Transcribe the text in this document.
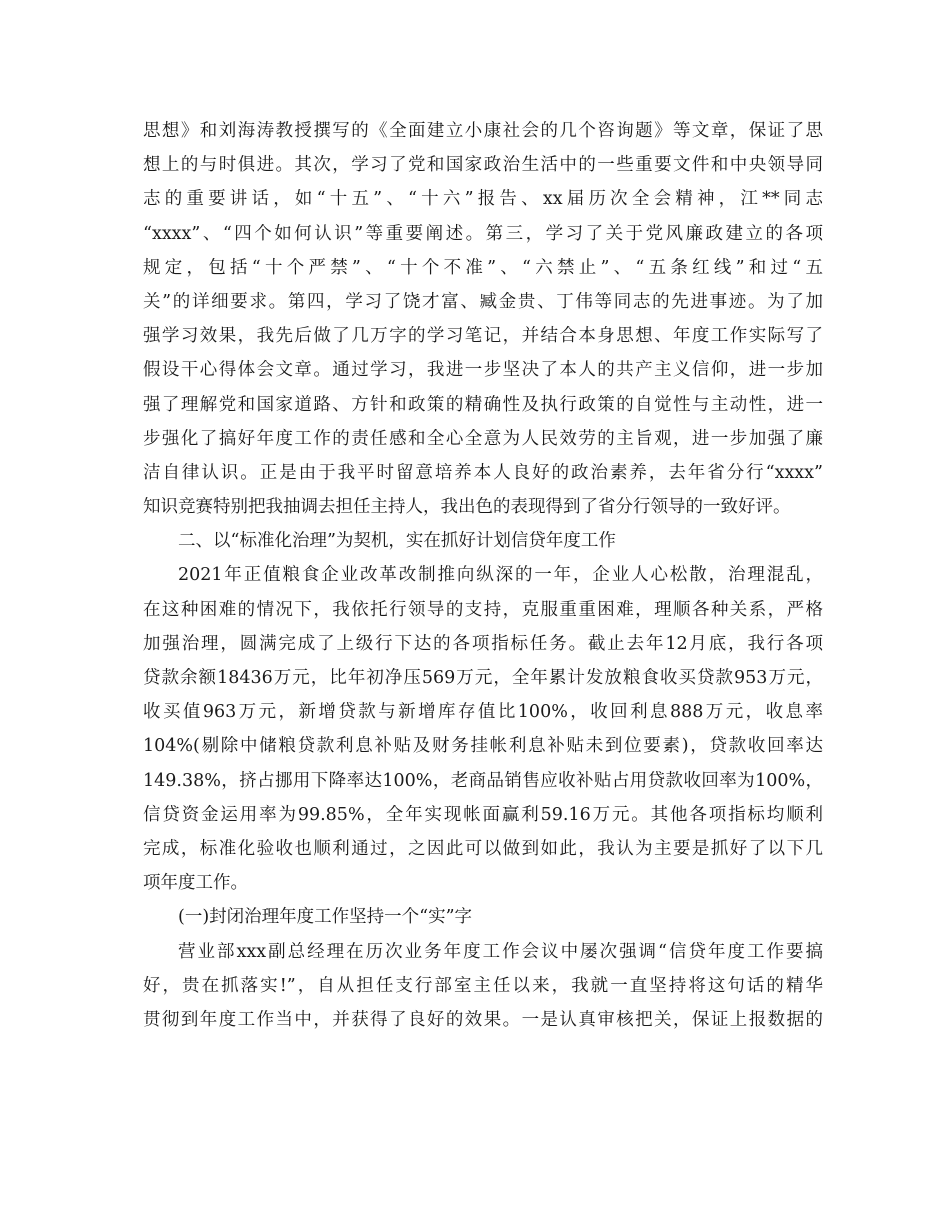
思想》和刘海涛教授撰写的《全面建立小康社会的几个咨询题》等文章，保证了思
想上的与时俱进。其次，学习了党和国家政治生活中的一些重要文件和中央领导同
志的重要讲话，如“十五”、“十六”报告、xx届历次全会精神，江**同志
“xxxx”、“四个如何认识”等重要阐述。第三，学习了关于党风廉政建立的各项
规定，包括“十个严禁”、“十个不准”、“六禁止”、“五条红线”和过“五
关”的详细要求。第四，学习了饶才富、臧金贵、丁伟等同志的先进事迹。为了加
强学习效果，我先后做了几万字的学习笔记，并结合本身思想、年度工作实际写了
假设干心得体会文章。通过学习，我进一步坚决了本人的共产主义信仰，进一步加
强了理解党和国家道路、方针和政策的精确性及执行政策的自觉性与主动性，进一
步强化了搞好年度工作的责任感和全心全意为人民效劳的主旨观，进一步加强了廉
洁自律认识。正是由于我平时留意培养本人良好的政治素养，去年省分行“xxxx”
知识竞赛特别把我抽调去担任主持人，我出色的表现得到了省分行领导的一致好评。
二、以“标准化治理”为契机，实在抓好计划信贷年度工作
2021年正值粮食企业改革改制推向纵深的一年，企业人心松散，治理混乱，
在这种困难的情况下，我依托行领导的支持，克服重重困难，理顺各种关系，严格
加强治理，圆满完成了上级行下达的各项指标任务。截止去年12月底，我行各项
贷款余额18436万元，比年初净压569万元，全年累计发放粮食收买贷款953万元，
收买值963万元，新增贷款与新增库存值比100%，收回利息888万元，收息率
104%(剔除中储粮贷款利息补贴及财务挂帐利息补贴未到位要素)，贷款收回率达
149.38%，挤占挪用下降率达100%，老商品销售应收补贴占用贷款收回率为100%，
信贷资金运用率为99.85%，全年实现帐面赢利59.16万元。其他各项指标均顺利
完成，标准化验收也顺利通过，之因此可以做到如此，我认为主要是抓好了以下几
项年度工作。
(一)封闭治理年度工作坚持一个“实”字
营业部xxx副总经理在历次业务年度工作会议中屡次强调“信贷年度工作要搞
好，贵在抓落实!”，自从担任支行部室主任以来，我就一直坚持将这句话的精华
贯彻到年度工作当中，并获得了良好的效果。一是认真审核把关，保证上报数据的
